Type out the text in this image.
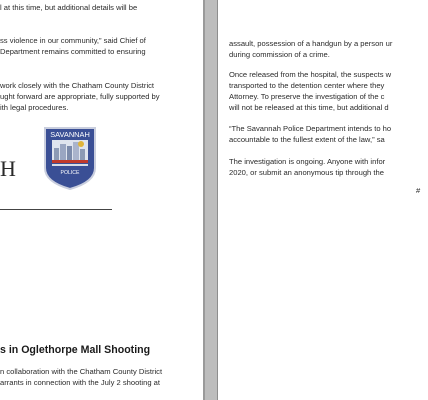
l at this time, but additional details will be
ss violence in our community,” said Chief of
Department remains committed to ensuring
work closely with the Chatham County District
ught forward are appropriate, fully supported by
ith legal procedures.
H
SAVANNAH
POLICE
s in Oglethorpe Mall Shooting
n collaboration with the Chatham County District
arrants in connection with the July 2 shooting at
assault, possession of a handgun by a person ur
during commission of a crime.
Once released from the hospital, the suspects w
transported to the detention center where they
Attorney. To preserve the investigation of the c
will not be released at this time, but additional d
“The Savannah Police Department intends to ho
accountable to the fullest extent of the law,” sa
The investigation is ongoing. Anyone with infor
2020, or submit an anonymous tip through the
#
